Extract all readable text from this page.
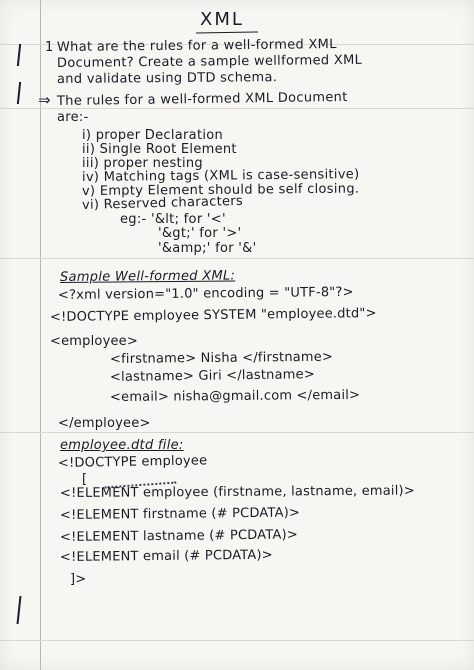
XML
1 What are the rules for a well-formed XML
Document? Create a sample wellformed XML
and validate using DTD schema.
⇒ The rules for a well-formed XML Document
are:-
i) proper Declaration
ii) Single Root Element
iii) proper nesting
iv) Matching tags (XML is case-sensitive)
v) Empty Element should be self closing.
vi) Reserved characters
eg:- '&lt; for '<'
'&gt;' for '>'
'&amp;' for '&'
Sample Well-formed XML:
<?xml version="1.0" encoding = "UTF-8"?>
<!DOCTYPE employee SYSTEM "employee.dtd">
<employee>
<firstname> Nisha </firstname>
<lastname> Giri </lastname>
<email> nisha@gmail.com </email>
</employee>
employee.dtd file:
<!DOCTYPE employee
[
<!ELEMENT employee (firstname, lastname, email)>
<!ELEMENT firstname (# PCDATA)>
<!ELEMENT lastname (# PCDATA)>
<!ELEMENT email (# PCDATA)>
]>
